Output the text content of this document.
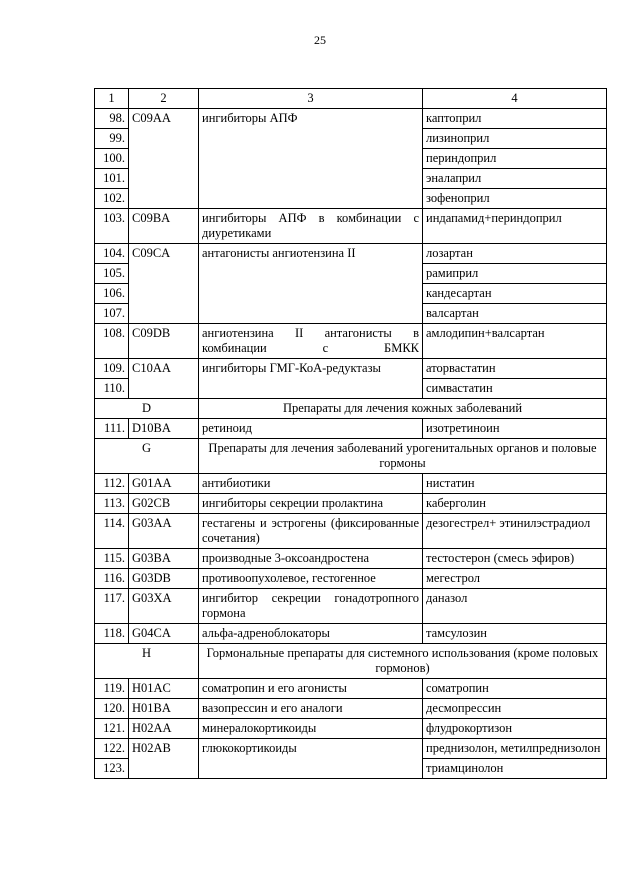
25
1	2	3	4
98.	C09AA	ингибиторы АПФ	каптоприл
99.			лизиноприл
100.			периндоприл
101.			эналаприл
102.			зофеноприл
103.	C09BA	ингибиторы АПФ в комбинации с диуретиками	индапамид+периндоприл
104.	C09CA	антагонисты ангиотензина II	лозартан
105.			рамиприл
106.			кандесартан
107.			валсартан
108.	C09DB	ангиотензина II антагонисты в комбинации с БМКК	амлодипин+валсартан
109.	C10AA	ингибиторы ГМГ-КоА-редуктазы	аторвастатин
110.			симвастатин
D		Препараты для лечения кожных заболеваний	
111.	D10BA	ретиноид	изотретиноин
G		Препараты для лечения заболеваний урогенитальных органов и половые гормоны	
112.	G01AA	антибиотики	нистатин
113.	G02CB	ингибиторы секреции пролактина	каберголин
114.	G03AA	гестагены и эстрогены (фиксированные сочетания)	дезогестрел+ этинилэстрадиол
115.	G03BA	производные 3-оксоандростена	тестостерон (смесь эфиров)
116.	G03DB	противоопухолевое, гестогенное	мегестрол
117.	G03XA	ингибитор секреции гонадотропного гормона	даназол
118.	G04CA	альфа-адреноблокаторы	тамсулозин
H		Гормональные препараты для системного использования (кроме половых гормонов)	
119.	H01AC	соматропин и его агонисты	соматропин
120.	H01BA	вазопрессин и его аналоги	десмопрессин
121.	H02AA	минералокортикоиды	флудрокортизон
122.	H02AB	глюкокортикоиды	преднизолон, метилпреднизолон
123.			триамцинолон
